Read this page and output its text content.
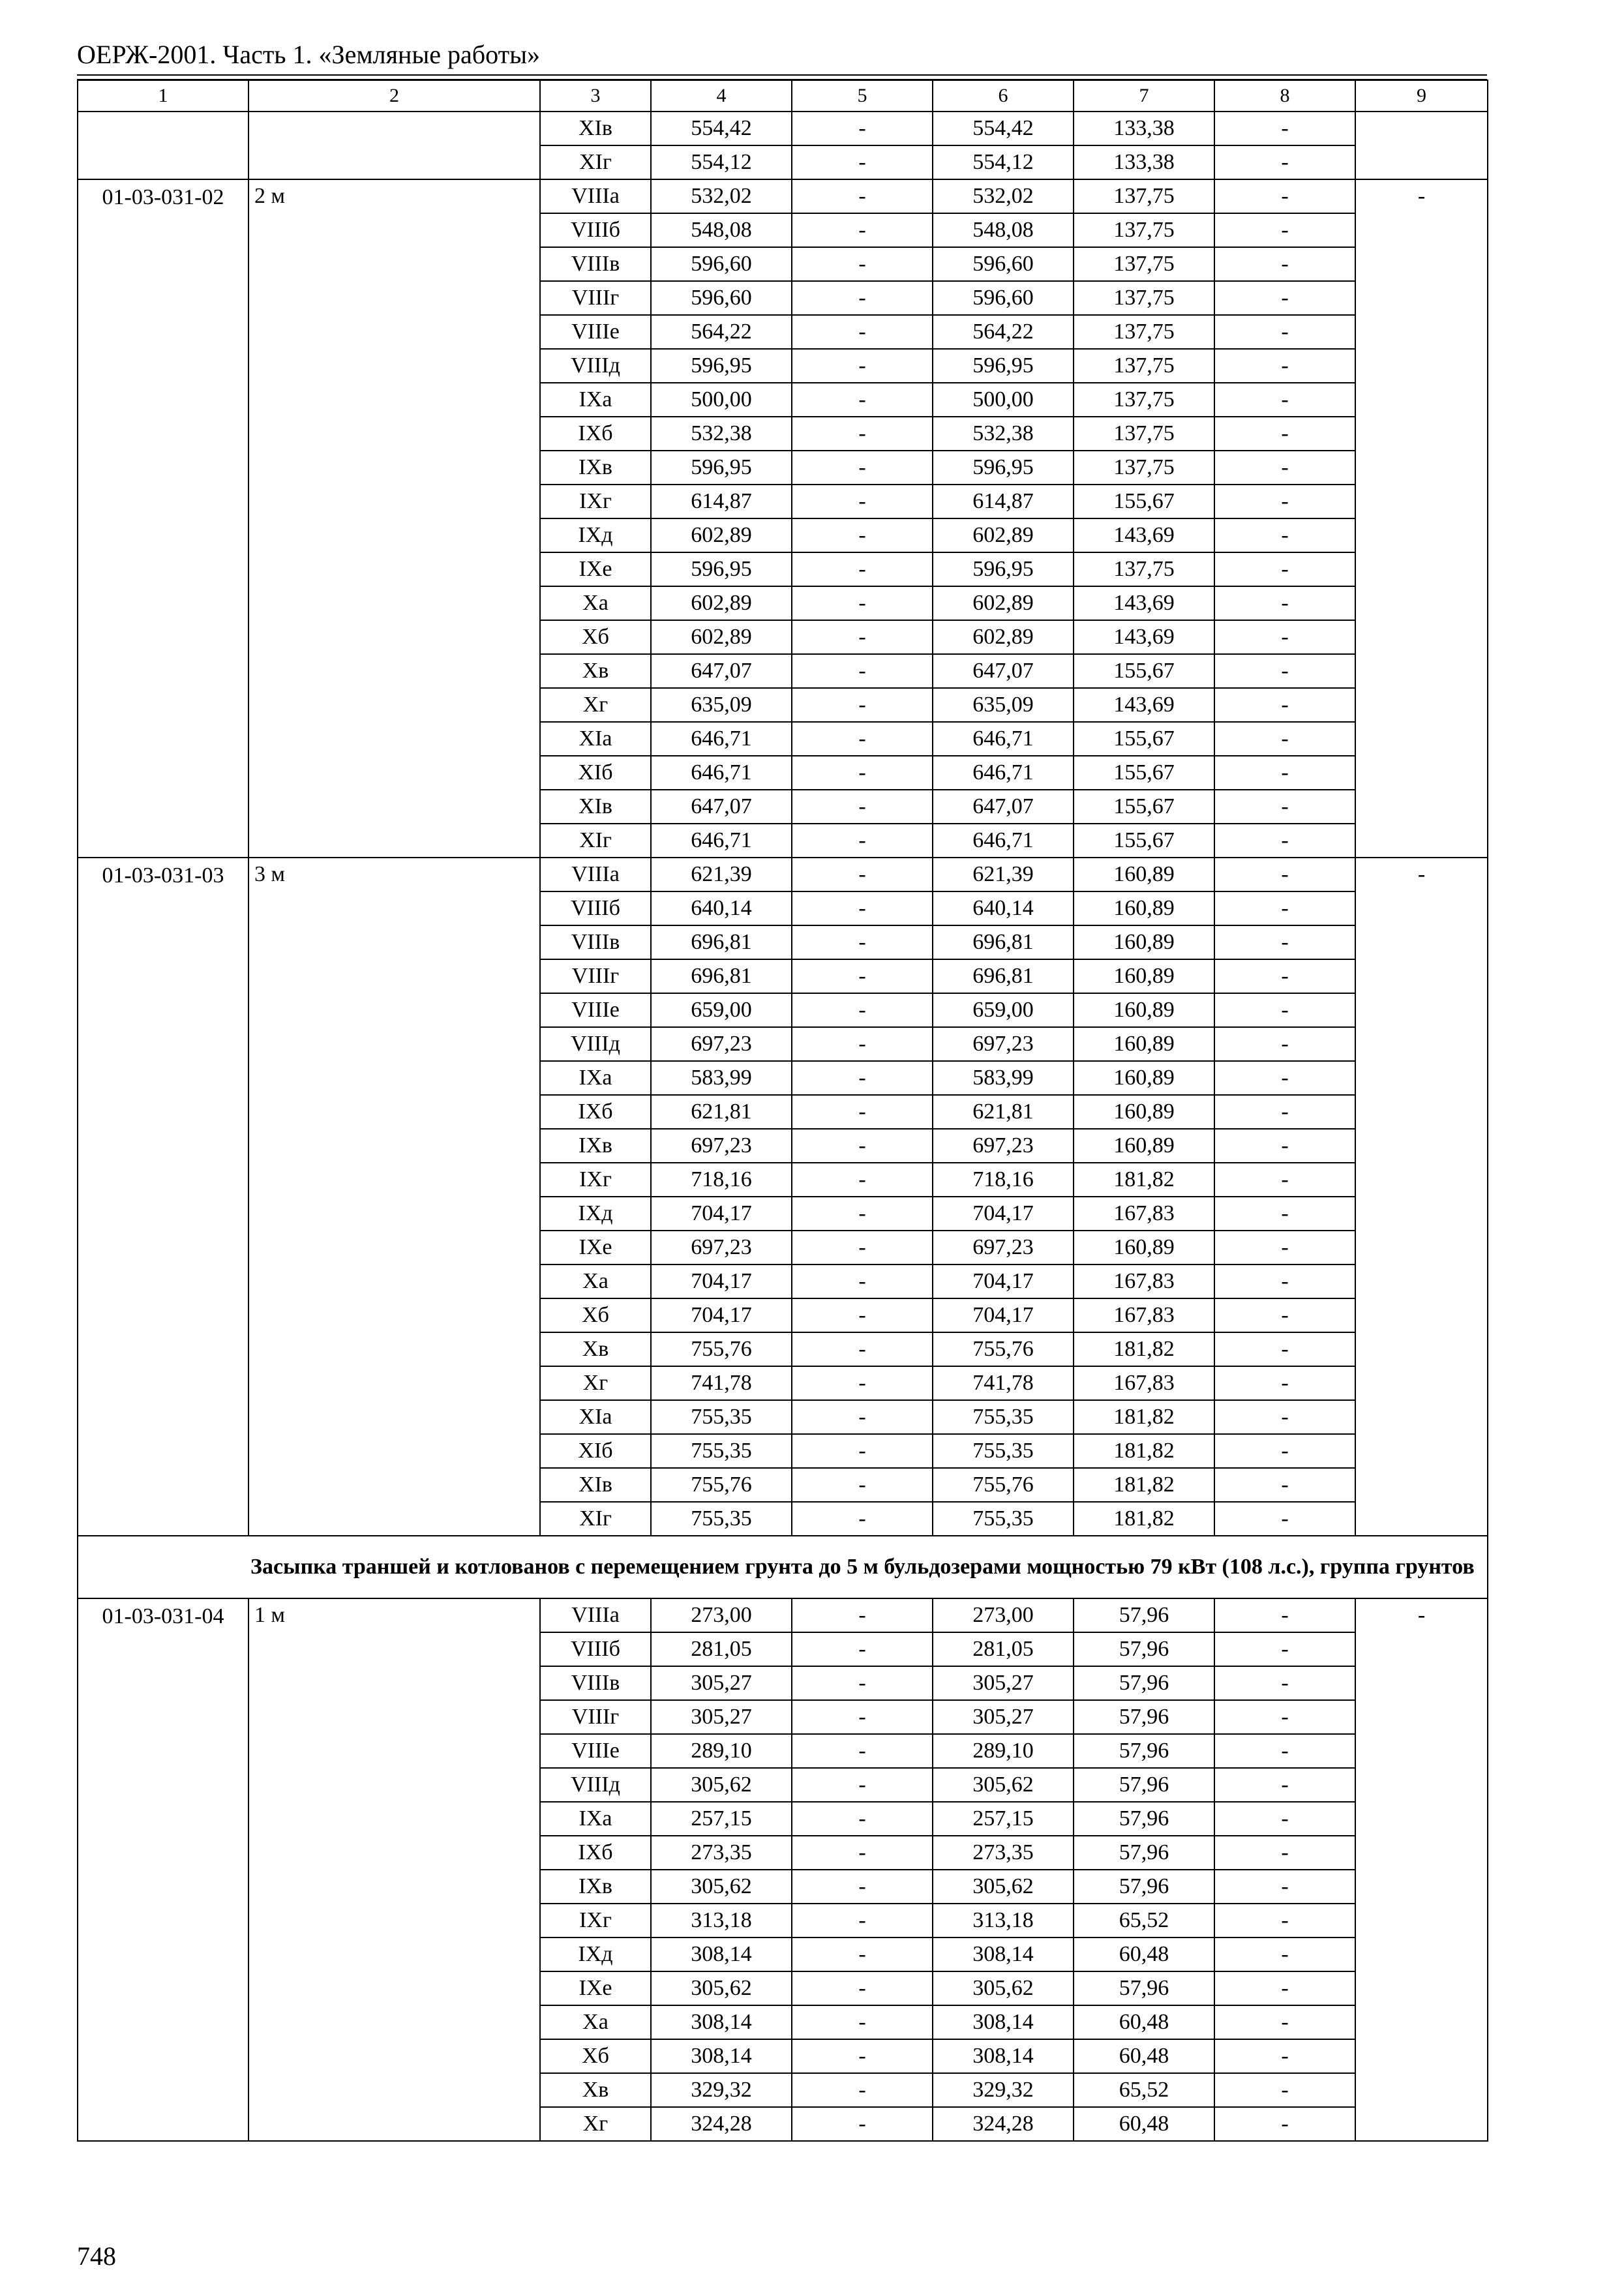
ОЕРЖ-2001. Часть 1. «Земляные работы»
1	2	3	4	5	6	7	8	9
		XIв	554,42	-	554,42	133,38	-	
		XIг	554,12	-	554,12	133,38	-	
01-03-031-02	2 м	VIIIа	532,02	-	532,02	137,75	-	-
		VIIIб	548,08	-	548,08	137,75	-	
		VIIIв	596,60	-	596,60	137,75	-	
		VIIIг	596,60	-	596,60	137,75	-	
		VIIIе	564,22	-	564,22	137,75	-	
		VIIIд	596,95	-	596,95	137,75	-	
		IXа	500,00	-	500,00	137,75	-	
		IXб	532,38	-	532,38	137,75	-	
		IXв	596,95	-	596,95	137,75	-	
		IXг	614,87	-	614,87	155,67	-	
		IXд	602,89	-	602,89	143,69	-	
		IXе	596,95	-	596,95	137,75	-	
		Xа	602,89	-	602,89	143,69	-	
		Xб	602,89	-	602,89	143,69	-	
		Xв	647,07	-	647,07	155,67	-	
		Xг	635,09	-	635,09	143,69	-	
		XIа	646,71	-	646,71	155,67	-	
		XIб	646,71	-	646,71	155,67	-	
		XIв	647,07	-	647,07	155,67	-	
		XIг	646,71	-	646,71	155,67	-	
01-03-031-03	3 м	VIIIа	621,39	-	621,39	160,89	-	-
		VIIIб	640,14	-	640,14	160,89	-	
		VIIIв	696,81	-	696,81	160,89	-	
		VIIIг	696,81	-	696,81	160,89	-	
		VIIIе	659,00	-	659,00	160,89	-	
		VIIIд	697,23	-	697,23	160,89	-	
		IXа	583,99	-	583,99	160,89	-	
		IXб	621,81	-	621,81	160,89	-	
		IXв	697,23	-	697,23	160,89	-	
		IXг	718,16	-	718,16	181,82	-	
		IXд	704,17	-	704,17	167,83	-	
		IXе	697,23	-	697,23	160,89	-	
		Xа	704,17	-	704,17	167,83	-	
		Xб	704,17	-	704,17	167,83	-	
		Xв	755,76	-	755,76	181,82	-	
		Xг	741,78	-	741,78	167,83	-	
		XIа	755,35	-	755,35	181,82	-	
		XIб	755,35	-	755,35	181,82	-	
		XIв	755,76	-	755,76	181,82	-	
		XIг	755,35	-	755,35	181,82	-	
Засыпка траншей и котлованов с перемещением грунта до 5 м бульдозерами мощностью 79 кВт (108 л.с.), группа грунтов								
01-03-031-04	1 м	VIIIа	273,00	-	273,00	57,96	-	-
		VIIIб	281,05	-	281,05	57,96	-	
		VIIIв	305,27	-	305,27	57,96	-	
		VIIIг	305,27	-	305,27	57,96	-	
		VIIIе	289,10	-	289,10	57,96	-	
		VIIIд	305,62	-	305,62	57,96	-	
		IXа	257,15	-	257,15	57,96	-	
		IXб	273,35	-	273,35	57,96	-	
		IXв	305,62	-	305,62	57,96	-	
		IXг	313,18	-	313,18	65,52	-	
		IXд	308,14	-	308,14	60,48	-	
		IXе	305,62	-	305,62	57,96	-	
		Xа	308,14	-	308,14	60,48	-	
		Xб	308,14	-	308,14	60,48	-	
		Xв	329,32	-	329,32	65,52	-	
		Xг	324,28	-	324,28	60,48	-	
748
